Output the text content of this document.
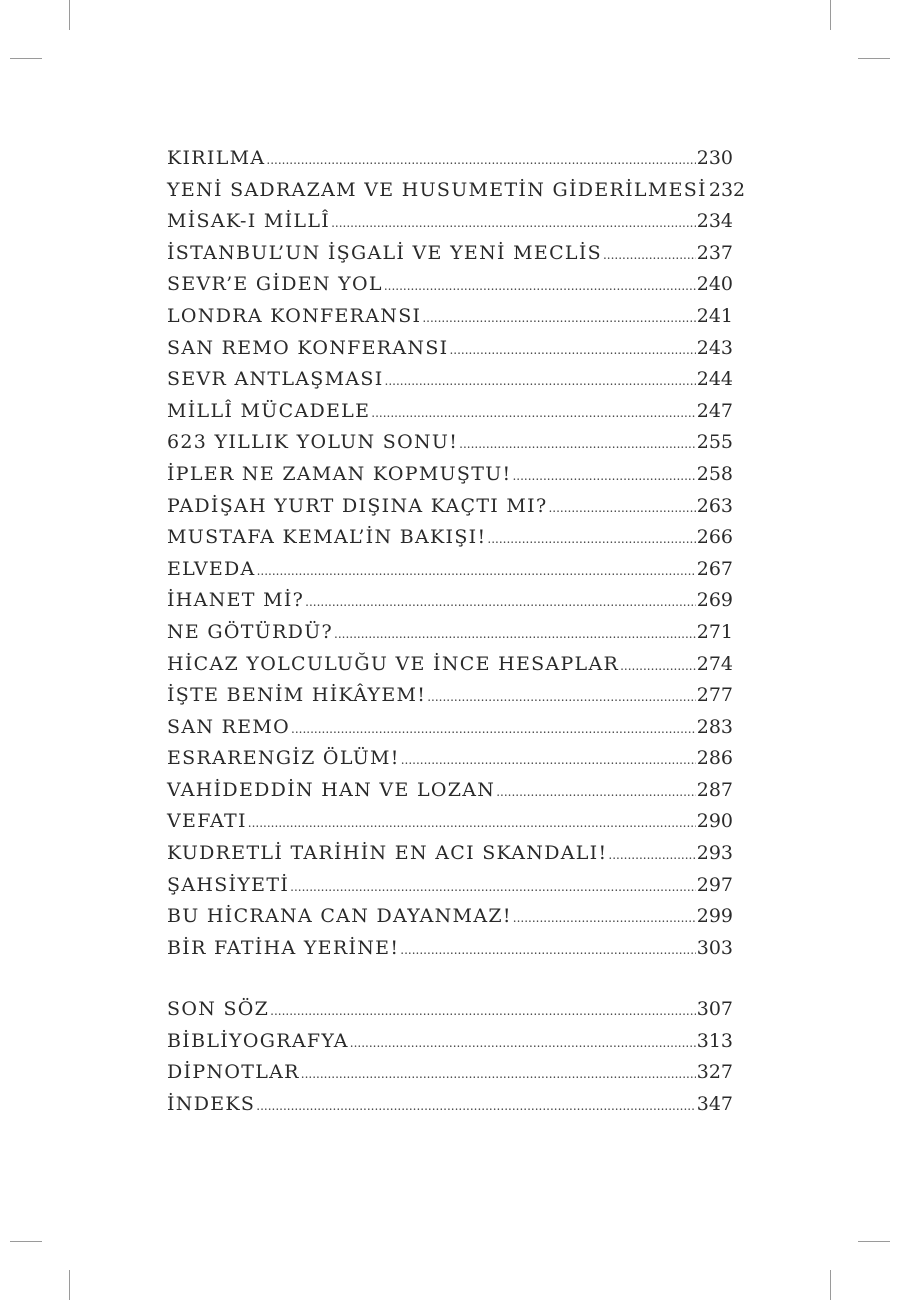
KIRILMA .....	230
YENİ SADRAZAM VE HUSUMETİN GİDERİLMESİ 232
MİSAK-I MİLLÎ .....	234
İSTANBUL’UN İŞGALİ VE YENİ MECLİS .....	237
SEVR’E GİDEN YOL .....	240
LONDRA KONFERANSI .....	241
SAN REMO KONFERANSI .....	243
SEVR ANTLAŞMASI .....	244
MİLLÎ MÜCADELE .....	247
623 YILLIK YOLUN SONU! .....	255
İPLER NE ZAMAN KOPMUŞTU! .....	258
PADİŞAH YURT DIŞINA KAÇTI MI? .....	263
MUSTAFA KEMAL’İN BAKIŞI! .....	266
ELVEDA .....	267
İHANET Mİ? .....	269
NE GÖTÜRDÜ? .....	271
HİCAZ YOLCULUĞU VE İNCE HESAPLAR .....	274
İŞTE BENİM HİKÂYEM! .....	277
SAN REMO .....	283
ESRARENGİZ ÖLÜM! .....	286
VAHİDEDDİN HAN VE LOZAN .....	287
VEFATI .....	290
KUDRETLİ TARİHİN EN ACI SKANDALI! .....	293
ŞAHSİYETİ .....	297
BU HİCRANA CAN DAYANMAZ! .....	299
BİR FATİHA YERİNE! .....	303
SON SÖZ .....	307
BİBLİYOGRAFYA .....	313
DİPNOTLAR .....	327
İNDEKS .....	347
